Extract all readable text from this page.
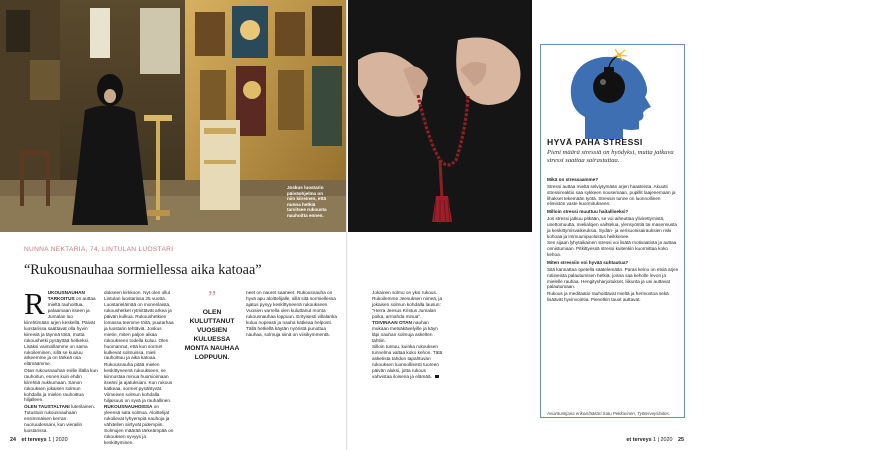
Joskus luostarin päiväohjelma on niin kiireinen, että nunna hetkiä tarvitsee rukousta nauhoitta ennen.
Nyörisiä punottuna rukousnauhassa on 50 solmua.
NUNNA NEKTARIA, 74, LINTULAN LUOSTARI
“Rukousnauhaa sormiellessa aika katoaa”

R UKOUSNAUHAN TARKOITUS on auttaa mieltä rauhoittua, palaamaan itseen ja Jumalan luo kiirehtimään arjen keskellä. Päivät luostarissa saattavat olla hyvin kiireisiä ja täynnä töitä, mutta rukoushetki pysäyttää hetkeksi. Lisäksi vaimoillamme on sama rukoileminen, sillä se kuuluu arkeemme ja on tärkeä osa elämäämme.

Otan rukousnauhan esille illalla kun rauhoitun, ennen kuin ehdin kiirehtiä nukkumaan. Sanon rukouksen jokaisen solmun kohdalla ja mielen rauhoittua hiljalleen.

OLEN TAUSTALTANI luterilainen. Tutustuin rukousnauhaan ensimmäisen kerran nuoruudessani, kun vierailin luostarissa.

dokseen kirkkoon. Nyt olen ollut Lintulan luostarissa 25 vuotta. Luostarielämää on monenlaista, rukoushetket rytmittävät arkea ja päivän kulkua. Rukoushetkien lomassa teemme töitä, puutarhaa ja luostarin tehtäviä. Joskus mietin, miten paljon aikaa rukoukseen todella kuluu. Olen huomannut, että kun sormet kulkevat solmuissa, mieli rauhoittuu ja aika katoaa.

Rukousnauha pitää mielen keskittyneenä rukoukseen, se kiinnostaa minua huomioimaan itseäni ja ajatuksiani. Kun rukous katkeaa, sormet pysähtyvät.

Viimeisen solmun kohdalla hiljaisuus on syvä ja rauhallinen.

RUKOUSNAUHOISSA on yleensä sata solmua. Aloittelijat rukoilevat lyhyempiä nauhoja ja vähitellen siirtyvät pidempiin. Solmujen määrää tärkeämpää on rukouksen syvyys ja keskittyminen.

”
OLEN KULUTTANUT VUOSIEN KULUESSA MONTA NAUHAA LOPPUUN.

neet on nauret saaneet. Rukousnauha on hyvä apu aloittelijalle, sillä sitä sormiellessa ajatus pysyy keskittyneenä rukoukseen.

Vuosien varrella olen kuluttanut monta rukousnauhaa loppuun. Erityisesti villalanka kuluu nopeasti ja nauha katkeaa helposti. Tällä hetkellä käytän nyöristä punottua nauhaa, solmuja siinä on viisikymmentä.

Jokainen solmu on yksi rukous. Rukoilemme Jeesuksen nimeä, ja jokaisen solmun kohdalla lausun: “Herra Jeesus Kristus Jumalan poika, armahda minua”.

TOIVINAAN OTAN nauhan mukaan metsäkävelyille ja käyn läpi nauhan solmuja askelten tahtiin.

Silloin tuntuu, kuinka rukouksen tunnelma valtaa koko kehon. Tätä asketista tahdon tapahtuvan rukouksen luonnollisesti tuoreen päivän aluksi, jotta rukous vahvistaa iloisena ja elämää.

HYVÄ PAHA STRESSI
Pieni määrä stressiä on hyödyksi, mutta jatkuva stressi saattaa sairastuttaa.

Mikä on stressaamme?

Stressi auttaa mieltä selviytymään arjen haasteista. Akuutti stressireaktio saa sykkeen nousemaan, pupillit laajenemaan ja lihakset tekemään työtä. Stressin tunne on luonnollinen elimistön vaste kuormitukseen.

Milloin stressi muuttuu haitalliseksi?

Jos stressi jatkuu pitkään, se voi aiheuttaa ylivirettymistä, unettomuutta, mielialojen vaihtelua, ylensyöntiä tai masennusta ja keskittymisvaikeuksia. Sydän- ja verisuonisairauksien riski kohoaa ja immuunipuolustus heikkenee.

Sen sijaan lyhytaikainen stressi voi lisätä motivaatiota ja auttaa onnistumaan. Pitkittyessä stressi kuitenkin kuormittaa koko kehoa.

Miten stressiin voi hyvää suhtautua?

Sitä kannattaa opetella säätelemään. Paras keino on etsiä arjen rutiineista palautumisen hetkiä, joissa saa keholle levon ja mielelle rauhaa. Hengitysharjoitukset, liikunta ja uni auttavat palautumaan.

Rukous ja meditaatio rauhoittavat mieltä ja hermostoa sekä lisäävät hyvinvointia. Pienetkin tauot auttavat.

Asiantuntijana erikoislääkäri Satu Pekkarinen, Työterveyslaitos.
24 et terveys 1 | 2020	et terveys 1 | 2020 25
